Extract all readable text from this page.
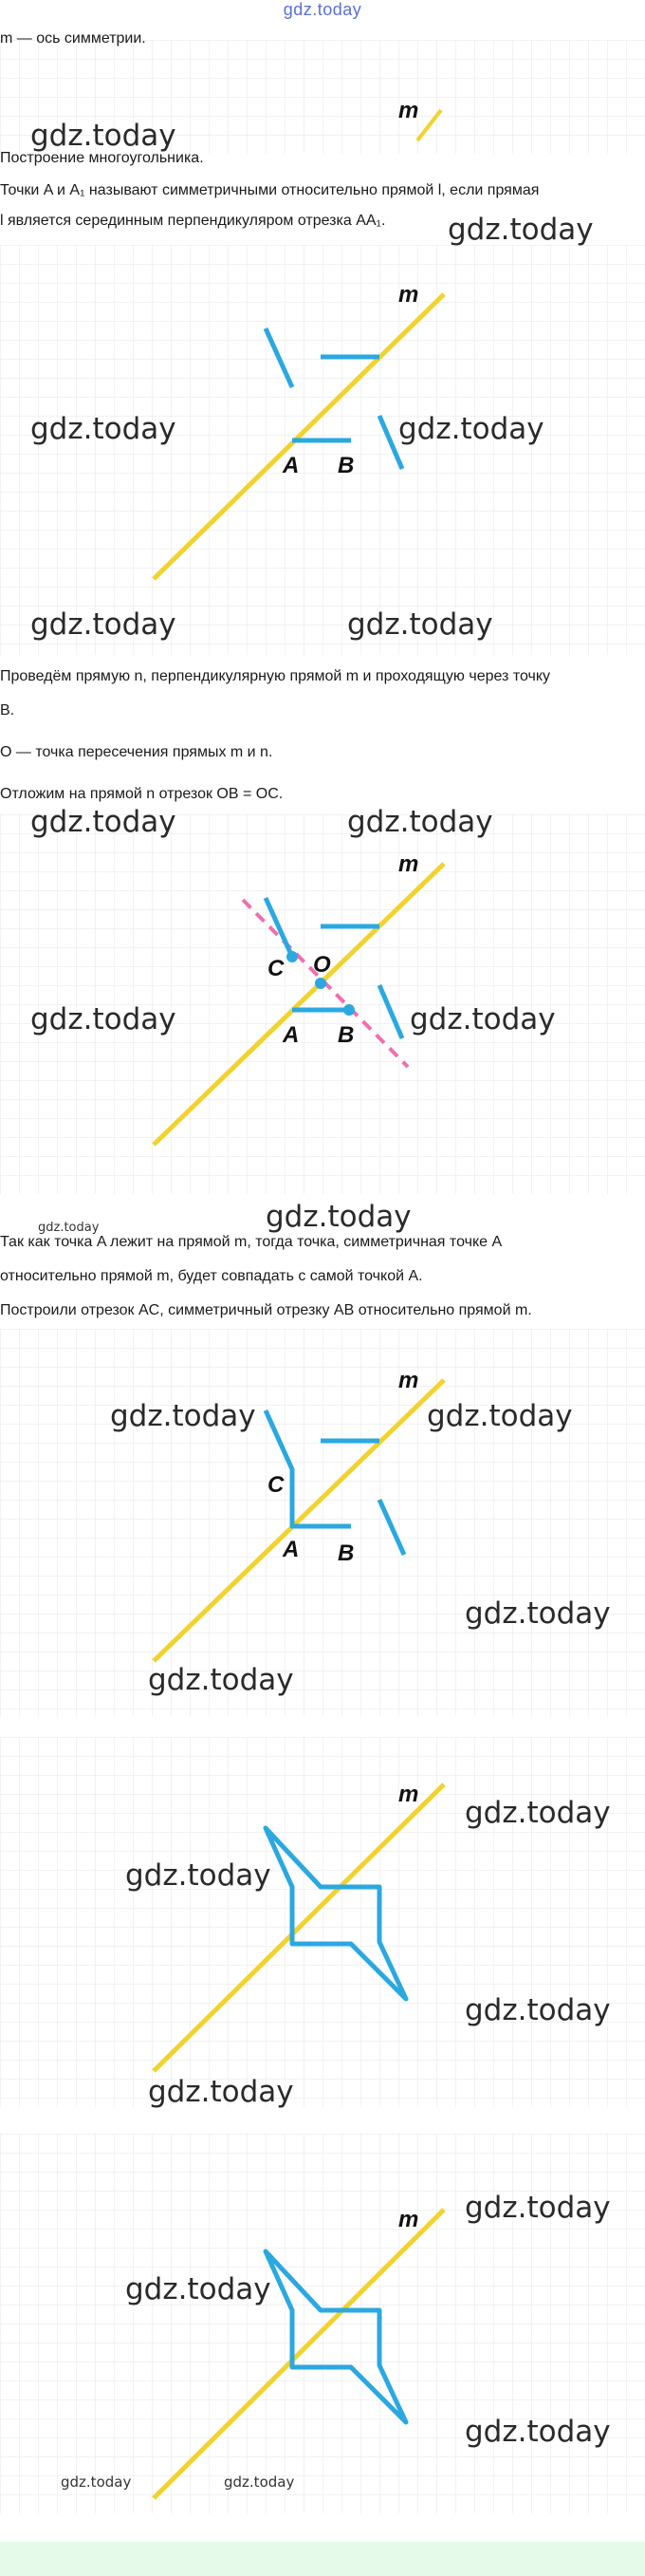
gdz.today
m
m — ось симметрии.
Построение многоугольника.
Точки A и A₁ называют симметричными относительно прямой l, если прямая
l является серединным перпендикуляром отрезка AA₁.
m
A B
Проведём прямую n, перпендикулярную прямой m и проходящую через точку
B.
O — точка пересечения прямых m и n.
Отложим на прямой n отрезок OB = OC.
m
C O
A B
Так как точка A лежит на прямой m, тогда точка, симметричная точке A
относительно прямой m, будет совпадать с самой точкой A.
Построили отрезок AC, симметричный отрезку AB относительно прямой m.
m
C
A B
m
m
gdz.today
gdz.today
gdz.today	gdz.today
gdz.today	gdz.today
gdz.today	gdz.today
gdz.today	gdz.today
gdz.today	gdz.today
gdz.today	gdz.today
gdz.today
gdz.today
gdz.today
gdz.today
gdz.today
gdz.today
gdz.today
gdz.today
gdz.today
gdz.today	gdz.today
